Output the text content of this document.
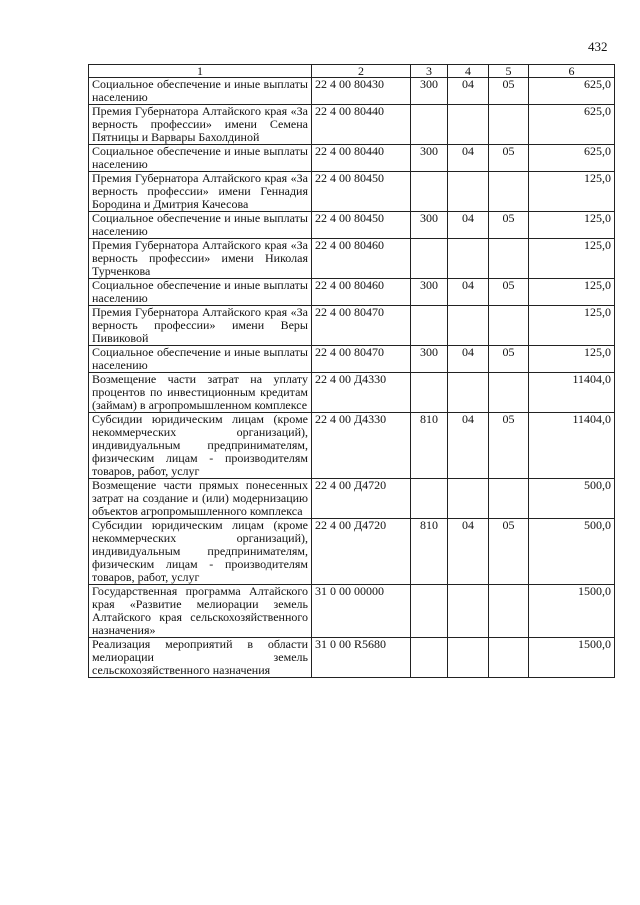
432
1	2	3	4	5	6
Социальное обеспечение и иные выплаты населению	22 4 00 80430	300	04	05	625,0
Премия Губернатора Алтайского края «За верность профессии» имени Семена Пятницы и Варвары Бахолдиной	22 4 00 80440				625,0
Социальное обеспечение и иные выплаты населению	22 4 00 80440	300	04	05	625,0
Премия Губернатора Алтайского края «За верность профессии» имени Геннадия Бородина и Дмитрия Качесова	22 4 00 80450				125,0
Социальное обеспечение и иные выплаты населению	22 4 00 80450	300	04	05	125,0
Премия Губернатора Алтайского края «За верность профессии» имени Николая Турченкова	22 4 00 80460				125,0
Социальное обеспечение и иные выплаты населению	22 4 00 80460	300	04	05	125,0
Премия Губернатора Алтайского края «За верность профессии» имени Веры Пивиковой	22 4 00 80470				125,0
Социальное обеспечение и иные выплаты населению	22 4 00 80470	300	04	05	125,0
Возмещение части затрат на уплату процентов по инвестиционным кредитам (займам) в агропромышленном комплексе	22 4 00 Д4330				11404,0
Субсидии юридическим лицам (кроме некоммерческих организаций), индивидуальным предпринимателям, физическим лицам - производителям товаров, работ, услуг	22 4 00 Д4330	810	04	05	11404,0
Возмещение части прямых понесенных затрат на создание и (или) модернизацию объектов агропромышленного комплекса	22 4 00 Д4720				500,0
Субсидии юридическим лицам (кроме некоммерческих организаций), индивидуальным предпринимателям, физическим лицам - производителям товаров, работ, услуг	22 4 00 Д4720	810	04	05	500,0
Государственная программа Алтайского края «Развитие мелиорации земель Алтайского края сельскохозяйственного назначения»	31 0 00 00000				1500,0
Реализация мероприятий в области мелиорации земель сельскохозяйственного назначения	31 0 00 R5680				1500,0
